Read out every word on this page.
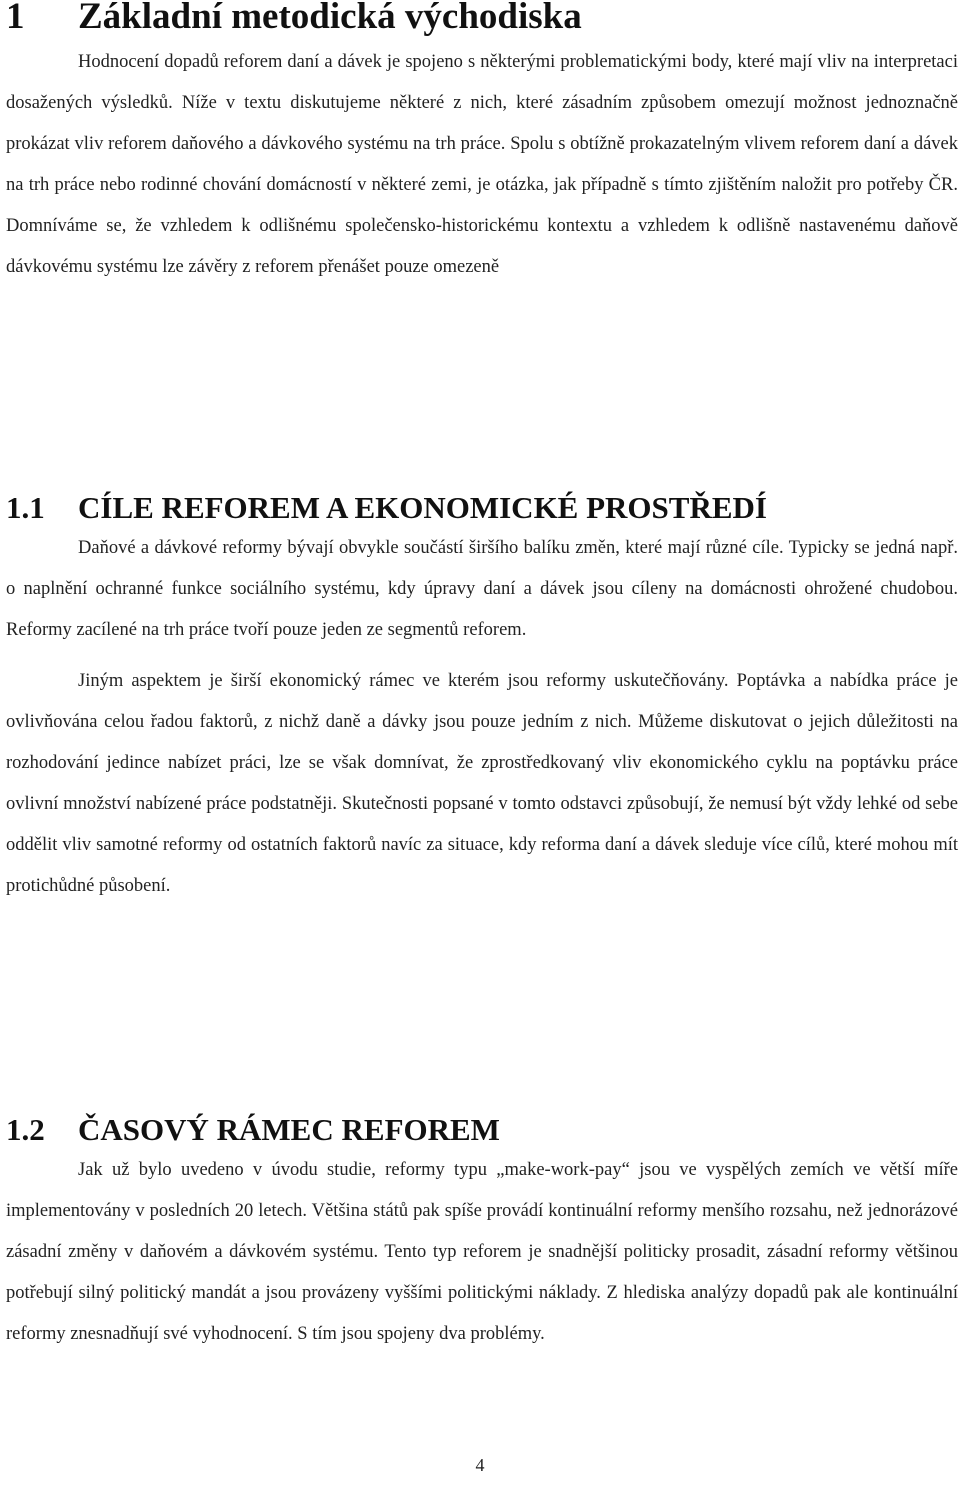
1 Základní metodická východiska

Hodnocení dopadů reforem daní a dávek je spojeno s některými problematickými body, které mají vliv na interpretaci dosažených výsledků. Níže v textu diskutujeme některé z nich, které zásadním způsobem omezují možnost jednoznačně prokázat vliv reforem daňového a dávkového systému na trh práce. Spolu s obtížně prokazatelným vlivem reforem daní a dávek na trh práce nebo rodinné chování domácností v některé zemi, je otázka, jak případně s tímto zjištěním naložit pro potřeby ČR. Domníváme se, že vzhledem k odlišnému společensko-historickému kontextu a vzhledem k odlišně nastavenému daňově dávkovému systému lze závěry z reforem přenášet pouze omezeně

1.1 CÍLE REFOREM A EKONOMICKÉ PROSTŘEDÍ

Daňové a dávkové reformy bývají obvykle součástí širšího balíku změn, které mají různé cíle. Typicky se jedná např. o naplnění ochranné funkce sociálního systému, kdy úpravy daní a dávek jsou cíleny na domácnosti ohrožené chudobou. Reformy zacílené na trh práce tvoří pouze jeden ze segmentů reforem.

Jiným aspektem je širší ekonomický rámec ve kterém jsou reformy uskutečňovány. Poptávka a nabídka práce je ovlivňována celou řadou faktorů, z nichž daně a dávky jsou pouze jedním z nich. Můžeme diskutovat o jejich důležitosti na rozhodování jedince nabízet práci, lze se však domnívat, že zprostředkovaný vliv ekonomického cyklu na poptávku práce ovlivní množství nabízené práce podstatněji. Skutečnosti popsané v tomto odstavci způsobují, že nemusí být vždy lehké od sebe oddělit vliv samotné reformy od ostatních faktorů navíc za situace, kdy reforma daní a dávek sleduje více cílů, které mohou mít protichůdné působení.

1.2 ČASOVÝ RÁMEC REFOREM

Jak už bylo uvedeno v úvodu studie, reformy typu „make-work-pay“ jsou ve vyspělých zemích ve větší míře implementovány v posledních 20 letech. Většina států pak spíše provádí kontinuální reformy menšího rozsahu, než jednorázové zásadní změny v daňovém a dávkovém systému. Tento typ reforem je snadnější politicky prosadit, zásadní reformy většinou potřebují silný politický mandát a jsou provázeny vyššími politickými náklady. Z hlediska analýzy dopadů pak ale kontinuální reformy znesnadňují své vyhodnocení. S tím jsou spojeny dva problémy.

4
